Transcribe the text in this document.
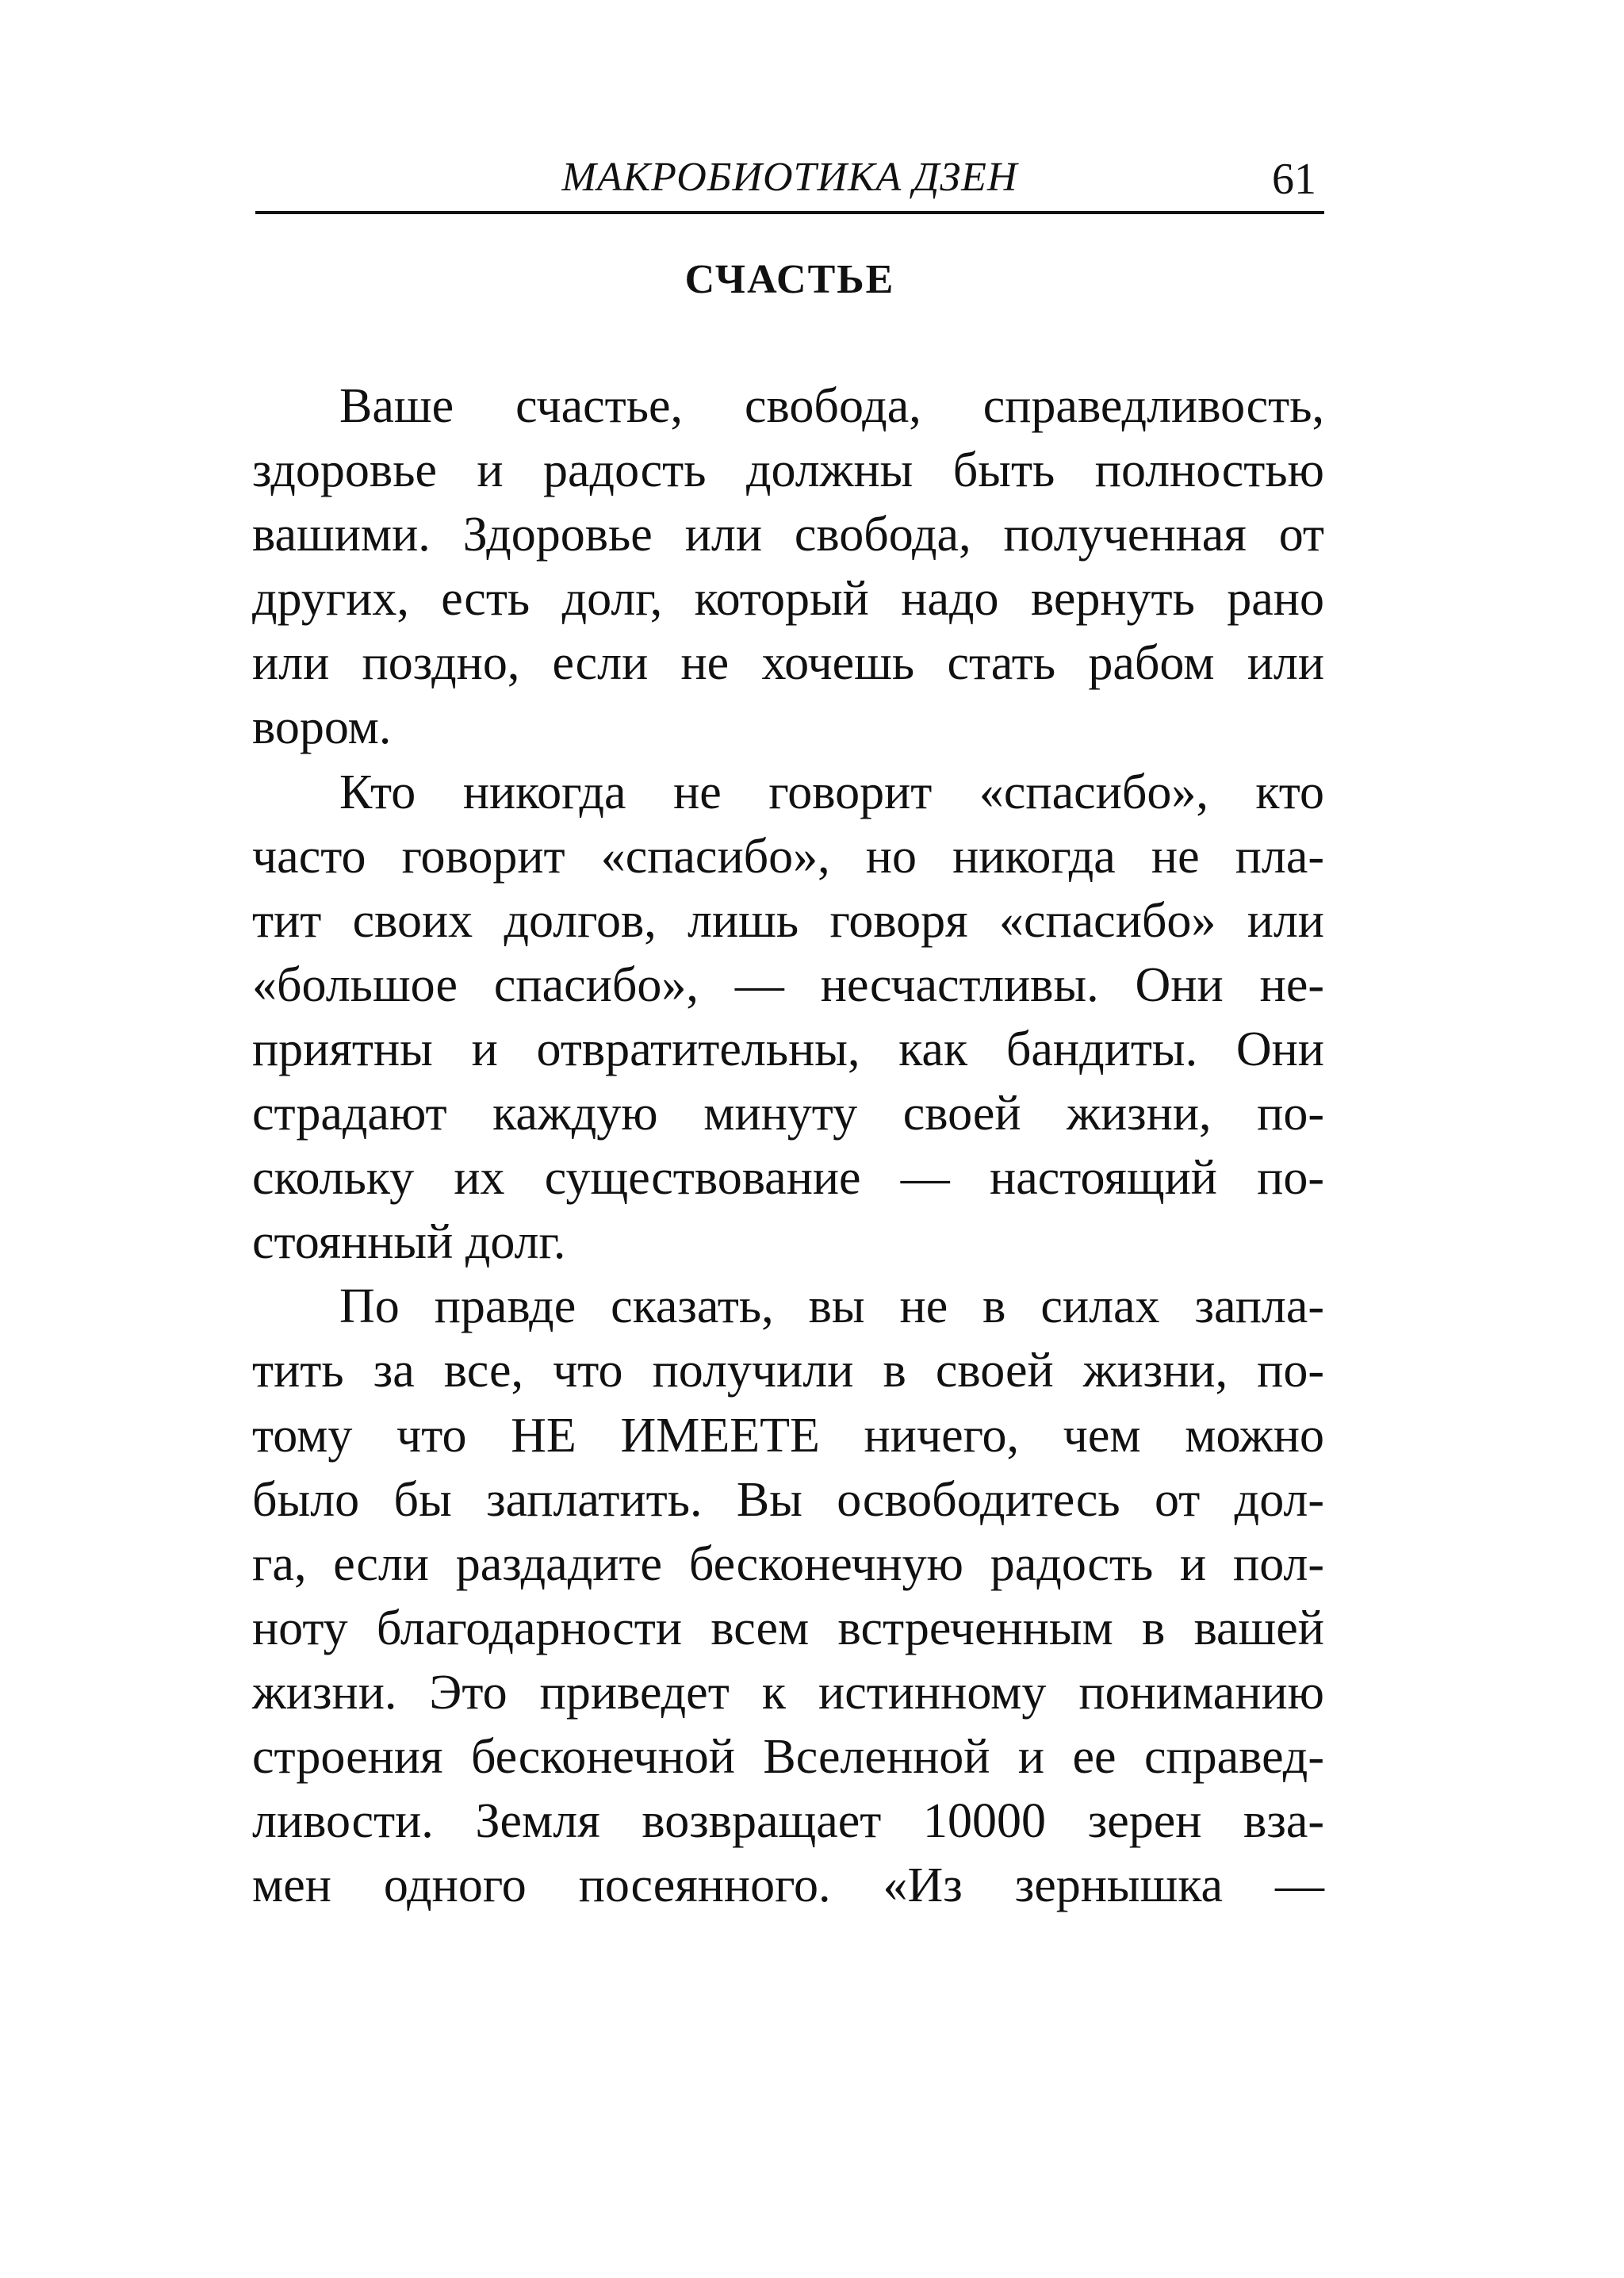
МАКРОБИОТИКА ДЗЕН	61
СЧАСТЬЕ
Ваше счастье, свобода, справедливость,
здоровье и радость должны быть полностью
вашими. Здоровье или свобода, полученная от
других, есть долг, который надо вернуть рано
или поздно, если не хочешь стать рабом или
вором.
Кто никогда не говорит «спасибо», кто
часто говорит «спасибо», но никогда не пла-
тит своих долгов, лишь говоря «спасибо» или
«большое спасибо», — несчастливы. Они не-
приятны и отвратительны, как бандиты. Они
страдают каждую минуту своей жизни, по-
скольку их существование — настоящий по-
стоянный долг.
По правде сказать, вы не в силах запла-
тить за все, что получили в своей жизни, по-
тому что НЕ ИМЕЕТЕ ничего, чем можно
было бы заплатить. Вы освободитесь от дол-
га, если раздадите бесконечную радость и пол-
ноту благодарности всем встреченным в вашей
жизни. Это приведет к истинному пониманию
строения бесконечной Вселенной и ее справед-
ливости. Земля возвращает 10000 зерен вза-
мен одного посеянного. «Из зернышка —
